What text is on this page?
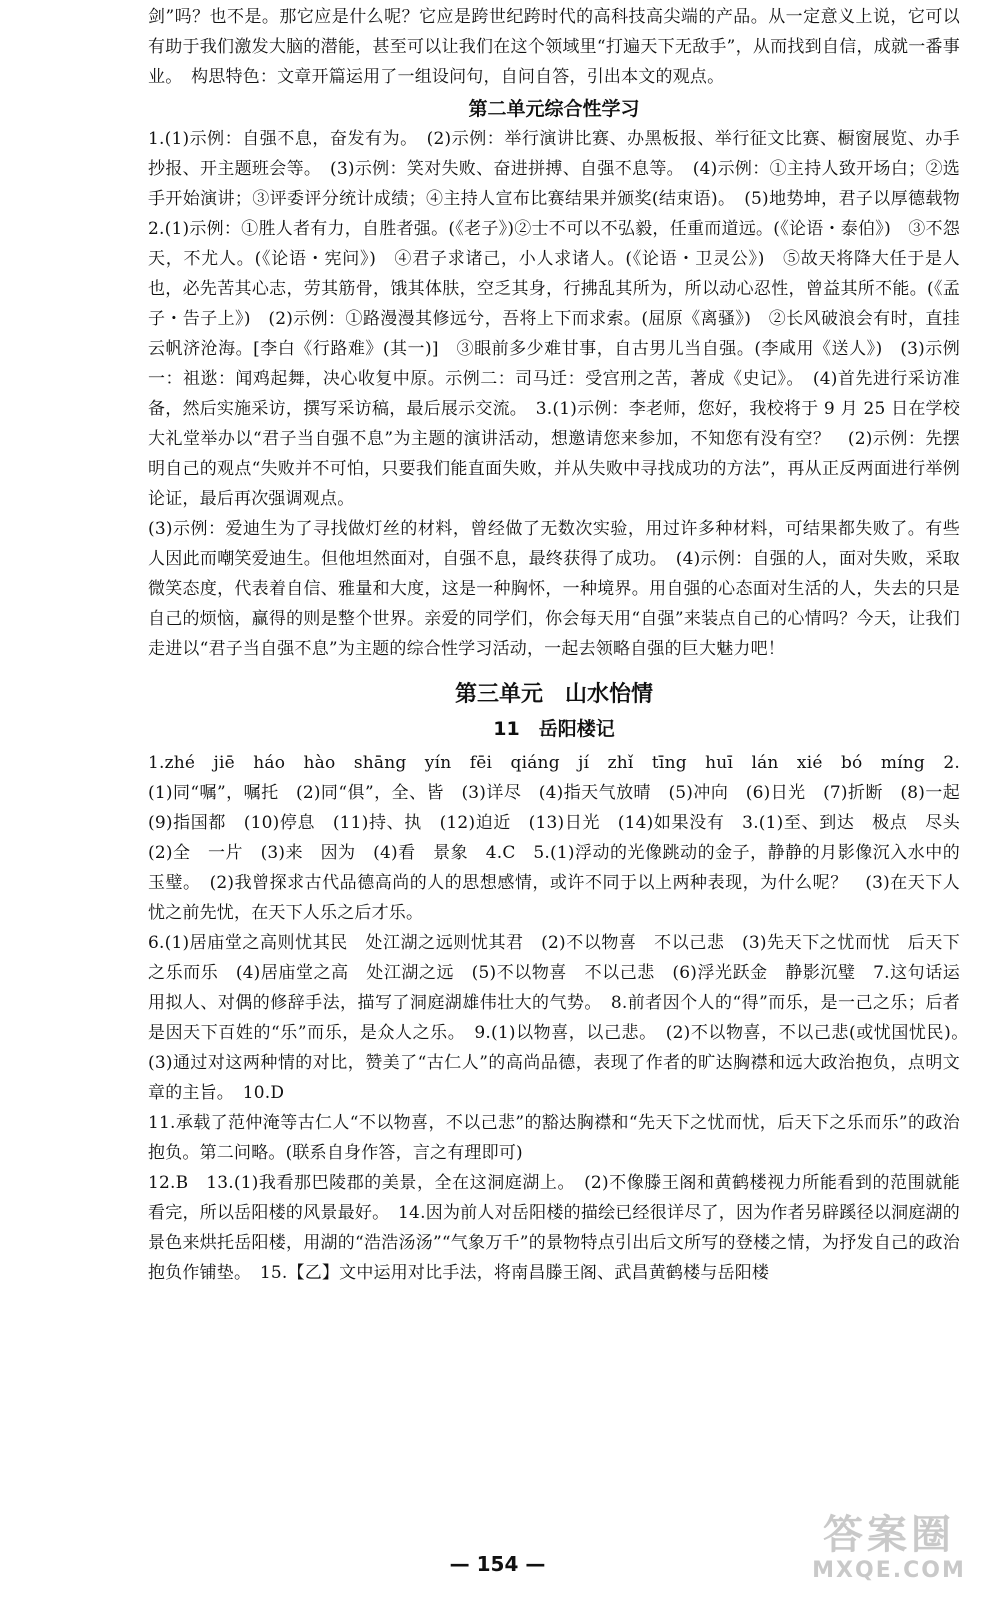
剑”吗？也不是。那它应是什么呢？它应是跨世纪跨时代的高科技高尖端的产品。从一定意义上说，它可以有助于我们激发大脑的潜能，甚至可以让我们在这个领域里“打遍天下无敌手”，从而找到自信，成就一番事业。　构思特色：文章开篇运用了一组设问句，自问自答，引出本文的观点。

第二单元综合性学习

1.(1)示例：自强不息，奋发有为。　(2)示例：举行演讲比赛、办黑板报、举行征文比赛、橱窗展览、办手抄报、开主题班会等。　(3)示例：笑对失败、奋进拼搏、自强不息等。　(4)示例：①主持人致开场白；②选手开始演讲；③评委评分统计成绩；④主持人宣布比赛结果并颁奖(结束语)。　(5)地势坤，君子以厚德载物　2.(1)示例：①胜人者有力，自胜者强。(《老子》)②士不可以不弘毅，任重而道远。(《论语・泰伯》)　③不怨天，不尤人。(《论语・宪问》)　④君子求诸己，小人求诸人。(《论语・卫灵公》)　⑤故天将降大任于是人也，必先苦其心志，劳其筋骨，饿其体肤，空乏其身，行拂乱其所为，所以动心忍性，曾益其所不能。(《孟子・告子上》)　(2)示例：①路漫漫其修远兮，吾将上下而求索。(屈原《离骚》)　②长风破浪会有时，直挂云帆济沧海。[李白《行路难》(其一)]　③眼前多少难甘事，自古男儿当自强。(李咸用《送人》)　(3)示例一：祖逖：闻鸡起舞，决心收复中原。示例二：司马迁：受宫刑之苦，著成《史记》。　(4)首先进行采访准备，然后实施采访，撰写采访稿，最后展示交流。　3.(1)示例：李老师，您好，我校将于 9 月 25 日在学校大礼堂举办以“君子当自强不息”为主题的演讲活动，想邀请您来参加，不知您有没有空？　(2)示例：先摆明自己的观点“失败并不可怕，只要我们能直面失败，并从失败中寻找成功的方法”，再从正反两面进行举例论证，最后再次强调观点。

(3)示例：爱迪生为了寻找做灯丝的材料，曾经做了无数次实验，用过许多种材料，可结果都失败了。有些人因此而嘲笑爱迪生。但他坦然面对，自强不息，最终获得了成功。　(4)示例：自强的人，面对失败，采取微笑态度，代表着自信、雅量和大度，这是一种胸怀，一种境界。用自强的心态面对生活的人，失去的只是自己的烦恼，赢得的则是整个世界。亲爱的同学们，你会每天用“自强”来装点自己的心情吗？今天，让我们走进以“君子当自强不息”为主题的综合性学习活动，一起去领略自强的巨大魅力吧！

第三单元　山水怡情
11　岳阳楼记

1.zhé　jiē　háo　hào　shāng　yín　fēi　qiáng　jí　zhǐ　tīng　huī　lán　xié　bó　míng　2.(1)同“嘱”，嘱托　(2)同“俱”，全、皆　(3)详尽　(4)指天气放晴　(5)冲向　(6)日光　(7)折断　(8)一起　(9)指国都　(10)停息　(11)持、执　(12)迫近　(13)日光　(14)如果没有　3.(1)至、到达　极点　尽头　(2)全　一片　(3)来　因为　(4)看　景象　4.C　5.(1)浮动的光像跳动的金子，静静的月影像沉入水中的玉璧。　(2)我曾探求古代品德高尚的人的思想感情，或许不同于以上两种表现，为什么呢？　(3)在天下人忧之前先忧，在天下人乐之后才乐。

6.(1)居庙堂之高则忧其民　处江湖之远则忧其君　(2)不以物喜　不以己悲　(3)先天下之忧而忧　后天下之乐而乐　(4)居庙堂之高　处江湖之远　(5)不以物喜　不以己悲　(6)浮光跃金　静影沉璧　7.这句话运用拟人、对偶的修辞手法，描写了洞庭湖雄伟壮大的气势。　8.前者因个人的“得”而乐，是一己之乐；后者是因天下百姓的“乐”而乐，是众人之乐。　9.(1)以物喜，以己悲。　(2)不以物喜，不以己悲(或忧国忧民)。　(3)通过对这两种情的对比，赞美了“古仁人”的高尚品德，表现了作者的旷达胸襟和远大政治抱负，点明文章的主旨。　10.D

11.承载了范仲淹等古仁人“不以物喜，不以己悲”的豁达胸襟和“先天下之忧而忧，后天下之乐而乐”的政治抱负。第二问略。(联系自身作答，言之有理即可)

12.B　13.(1)我看那巴陵郡的美景，全在这洞庭湖上。　(2)不像滕王阁和黄鹤楼视力所能看到的范围就能看完，所以岳阳楼的风景最好。　14.因为前人对岳阳楼的描绘已经很详尽了，因为作者另辟蹊径以洞庭湖的景色来烘托岳阳楼，用湖的“浩浩汤汤”“气象万千”的景物特点引出后文所写的登楼之情，为抒发自己的政治抱负作铺垫。　15.【乙】文中运用对比手法，将南昌滕王阁、武昌黄鹤楼与岳阳楼

— 154 —
答案圈
MXQE.COM
